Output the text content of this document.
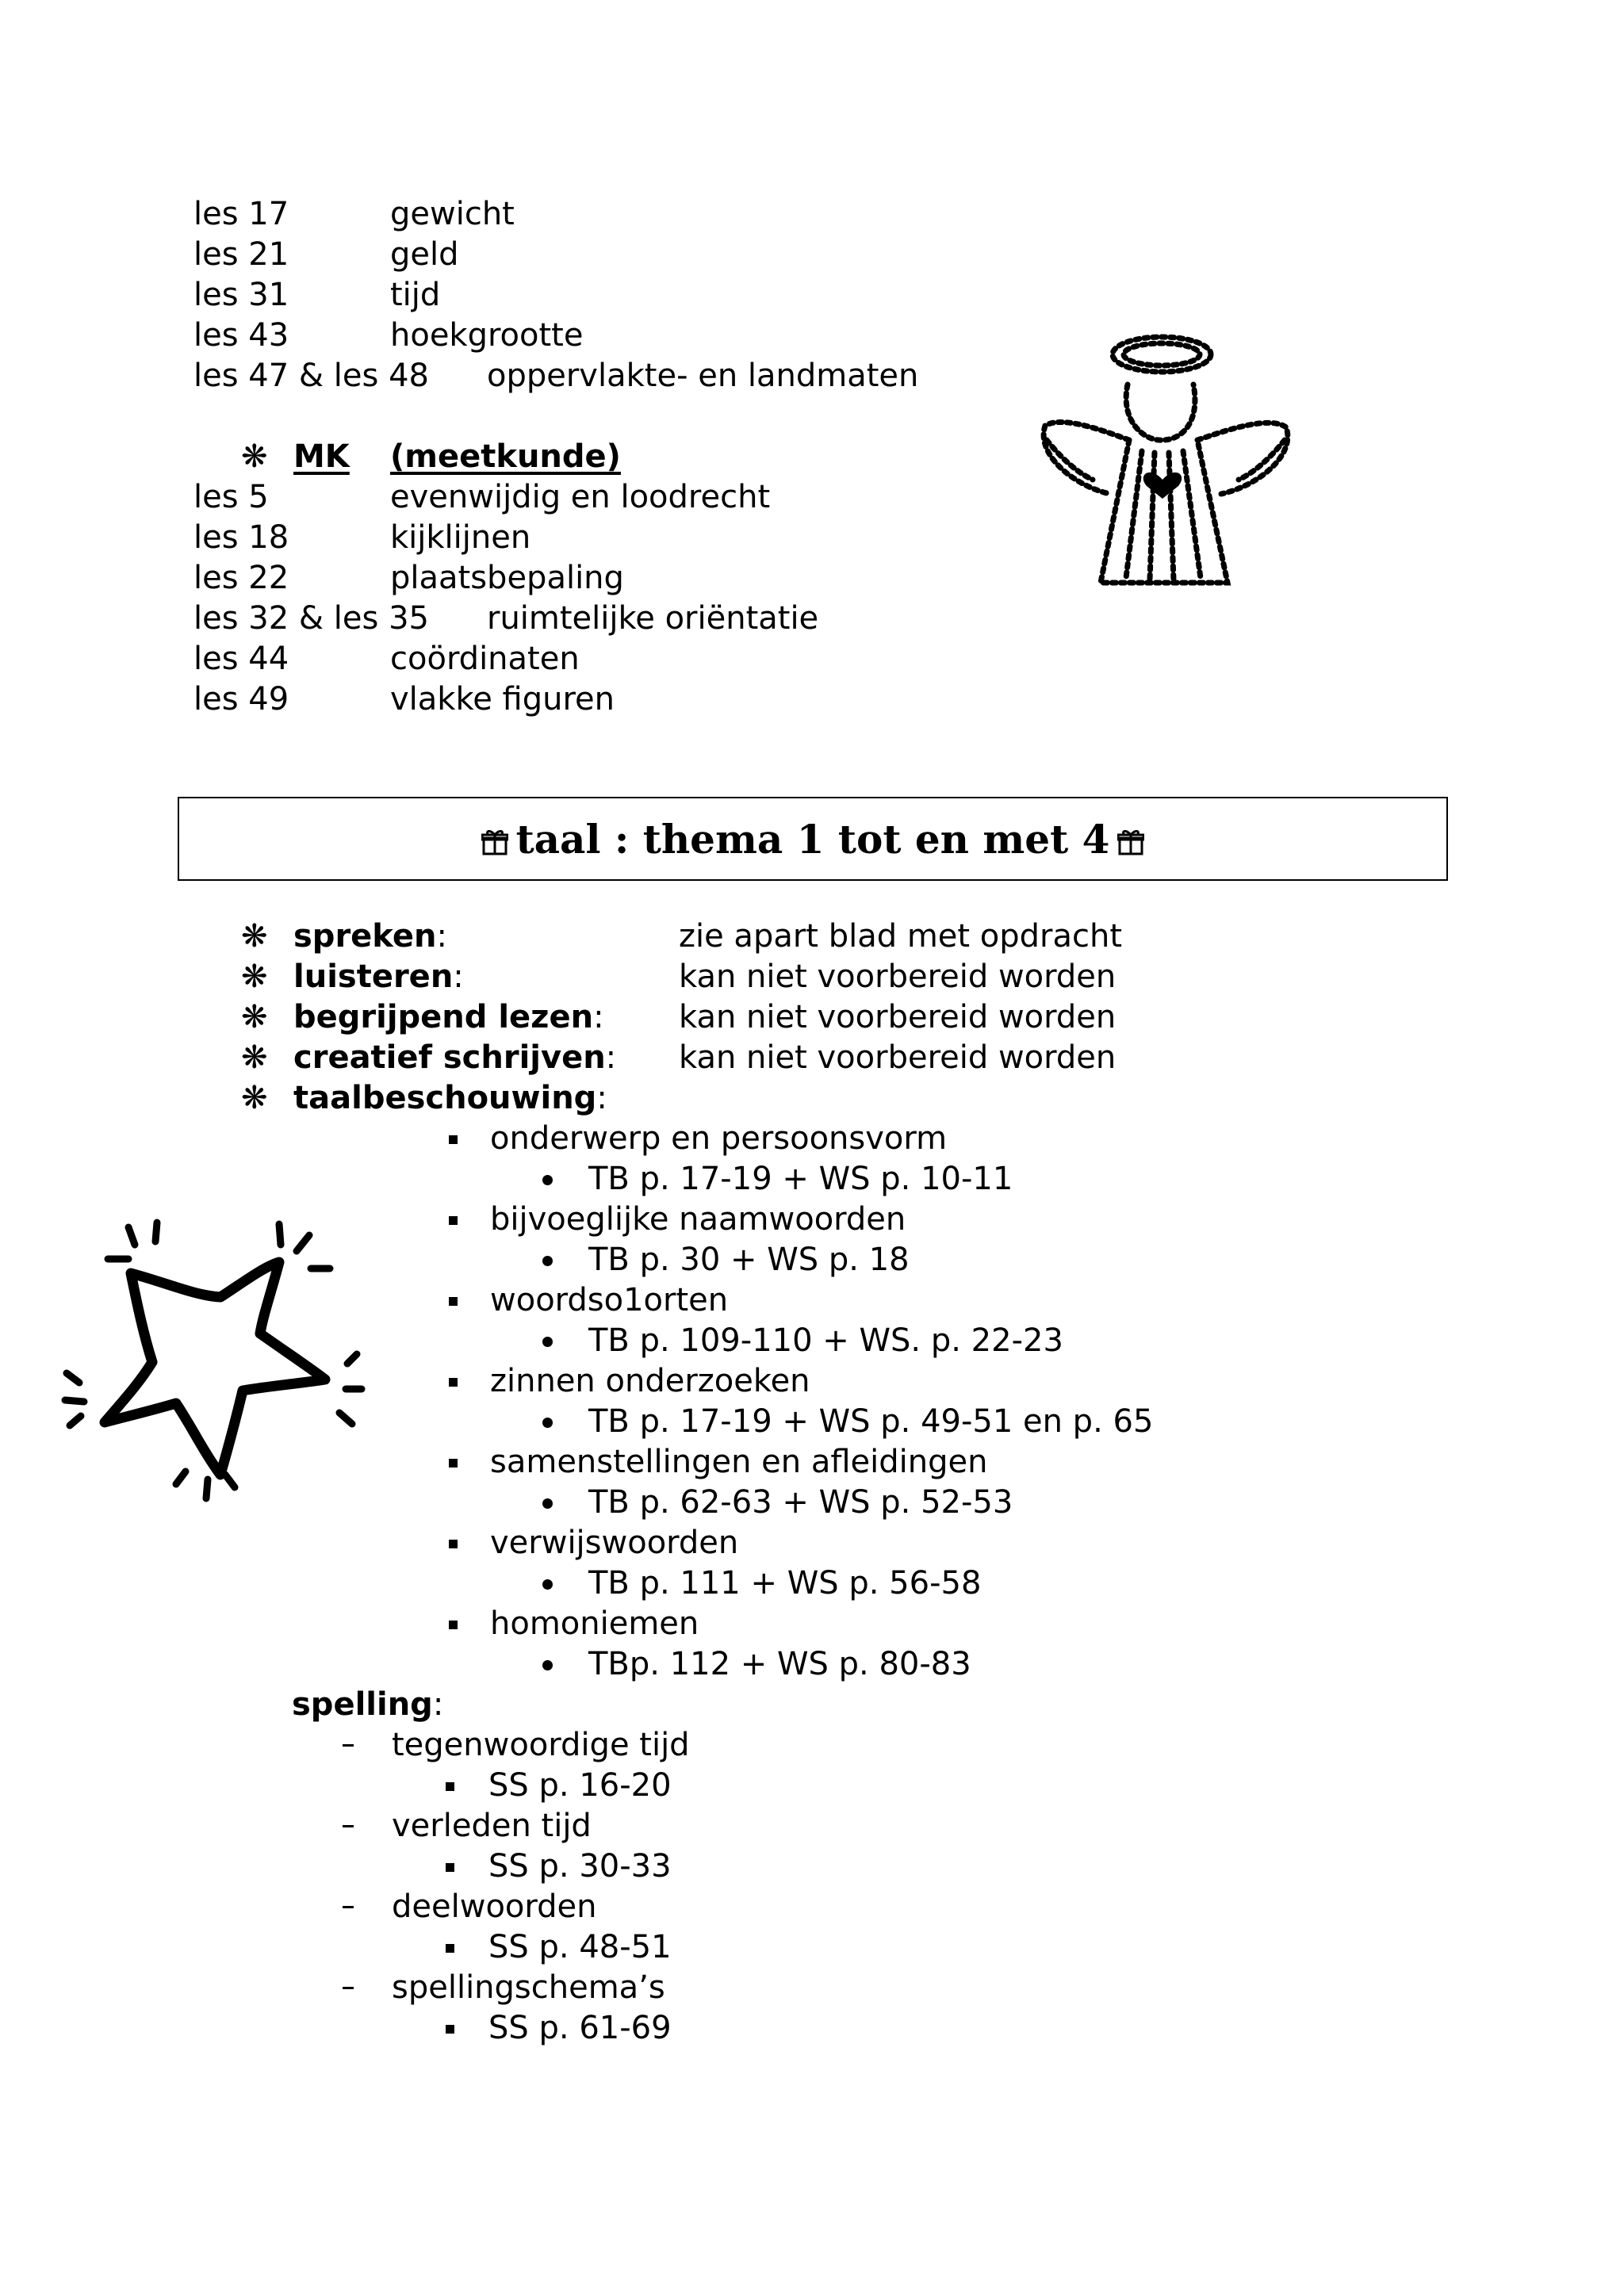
les 17	gewicht
les 21	geld
les 31	tijd
les 43	hoekgrootte
les 47 & les 48 oppervlakte- en landmaten
❋ MK (meetkunde)
les 5	evenwijdig en loodrecht
les 18	kijklijnen
les 22	plaatsbepaling
les 32 & les 35 ruimtelijke oriëntatie
les 44	coördinaten
les 49	vlakke figuren
taal : thema 1 tot en met 4
❋ spreken:	zie apart blad met opdracht
❋ luisteren:	kan niet voorbereid worden
❋ begrijpend lezen: kan niet voorbereid worden
❋ creatief schrijven: kan niet voorbereid worden
❋ taalbeschouwing:
onderwerp en persoonsvorm
TB p. 17-19 + WS p. 10-11
bijvoeglijke naamwoorden
TB p. 30 + WS p. 18
woordso1orten
TB p. 109-110 + WS. p. 22-23
zinnen onderzoeken
TB p. 17-19 + WS p. 49-51 en p. 65
samenstellingen en afleidingen
TB p. 62-63 + WS p. 52-53
verwijswoorden
TB p. 111 + WS p. 56-58
homoniemen
TBp. 112 + WS p. 80-83
spelling:
tegenwoordige tijd
SS p. 16-20
verleden tijd
SS p. 30-33
deelwoorden
SS p. 48-51
spellingschema’s
SS p. 61-69
